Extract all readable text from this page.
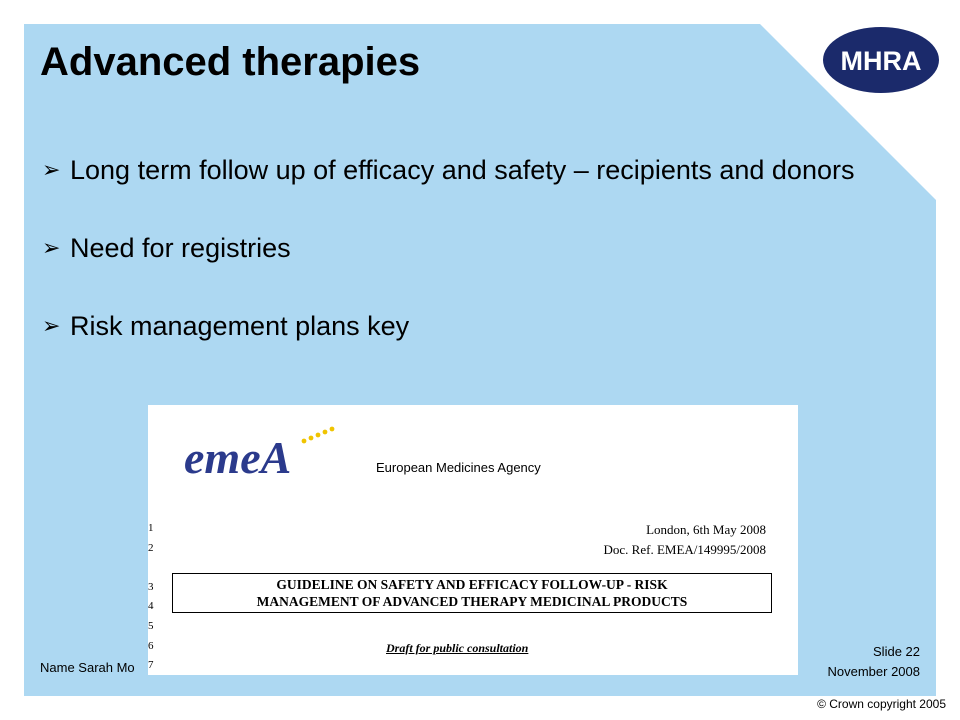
Advanced therapies	MHRA
➢ Long term follow up of efficacy and safety – recipients and donors
➢ Need for registries
➢ Risk management plans key
emeA	European Medicines Agency
1
2
3
4
5
6
7
London, 6th May 2008
Doc. Ref. EMEA/149995/2008
GUIDELINE ON SAFETY AND EFFICACY FOLLOW-UP - RISK
MANAGEMENT OF ADVANCED THERAPY MEDICINAL PRODUCTS
Draft for public consultation
Name Sarah Mo
Slide 22
November 2008
© Crown copyright 2005
